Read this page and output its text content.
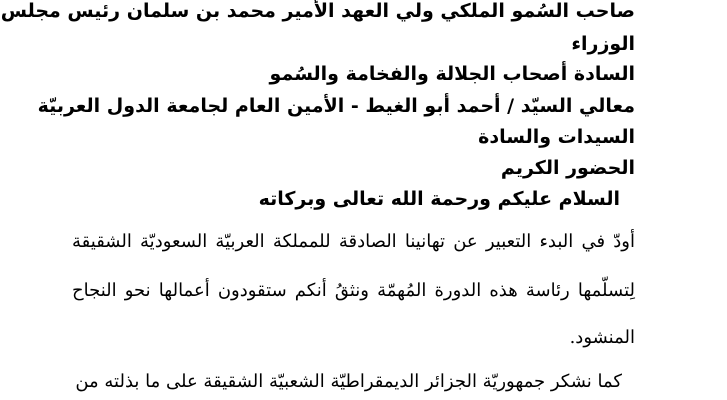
صاحب السُمو الملكي ولي العهد الأمير محمد بن سلمان رئيس مجلس
الوزراء
السادة أصحاب الجلالة والفخامة والسُمو
معالي السيّد / أحمد أبو الغيط - الأمين العام لجامعة الدول العربيّة
السيدات والسادة
الحضور الكريم
السلام عليكم ورحمة الله تعالى وبركاته
أودّ في البدء التعبير عن تهانينا الصادقة للمملكة العربيّة السعوديّة الشقيقة
لِتسلّمها رئاسة هذه الدورة المُهمّة ونثقُ أنكم ستقودون أعمالها نحو النجاح
المنشود.
كما نشكر جمهوريّة الجزائر الديمقراطيّة الشعبيّة الشقيقة على ما بذلته من
